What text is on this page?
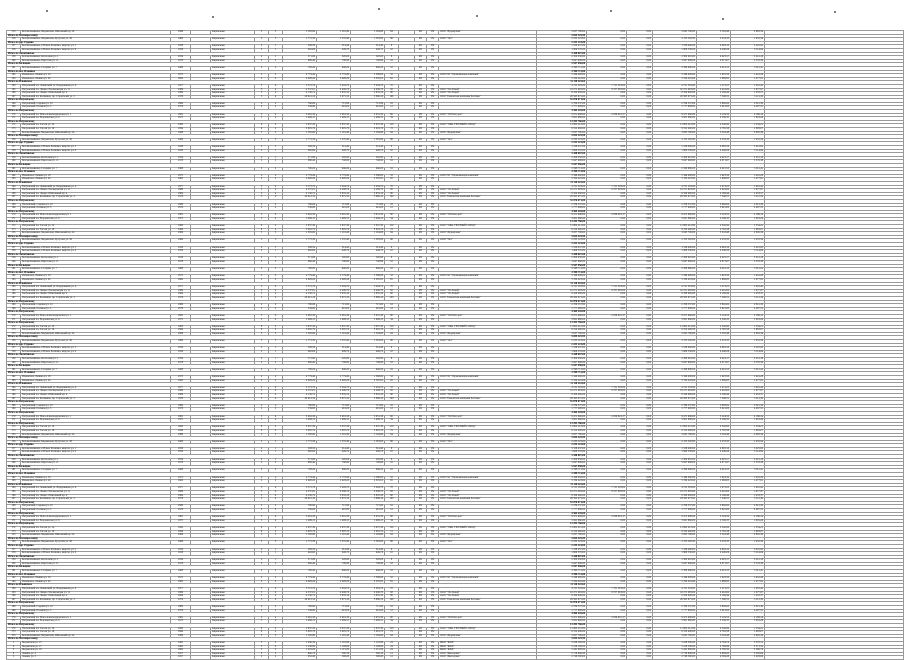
155	Колокольникова, Медынская, Школьный пр. 24	1986		Кирпичные	5	3	1 585,80	1 191,40	1 194,80	64		РО	УК	ООО "Журавушка"	3 037 700,00	0,00	0,00	3 045 790,00	3 343,48	2 802,36	
Итого по Малоярославцу															5 055 325,99						
156	Колокольникова, Медынская, Кутузова ул. 36	1966		Кирпичные	5	3	1 775,30	1 370,40	1 593,00	86		РО	УК	ООО "Уют"	2 233 123,00	0,00	0,00	2 153 520,00	2 253,33	1 455,59	
Итого по дер. Руднево															2 233 123,00						
157	Колокольникова, 2-Новое Болшево, квартал ул. 5	1958		Кирпичные	2	1	508,50	314,40	314,40	8		РО	УК		1 538 437,00	0,00	0,00	1 538 400,00	4 893,10	3 225,93	
158	Колокольникова, 2-Новое Болшево, квартал ул. 6	1958		Кирпичные	2	1	492,60	449,70	449,70	10		РО	УК		1 909 570,00	0,00	0,00	1 909 530,00	4 246,26	3 114,84	
Итого по Лопатинское															3 448 007,00						
159	Колокольникова, Колхозная ул. 1	1956		Кирпичные	2	1	571,80	520,00	520,00	8		РО	УК		2 300 050,00	0,00	0,00	2 300 010,00	4 423,17	3 212,18	
160	Колокольникова, Пирогова ул. 11	1978		Кирпичные	2	2	880,40	748,80	748,80	16		РО	УК		3 647 906,00	0,00	0,00	3 647 906,00	4 871,67	3 576,38	
Итого по Кольцово															5 947 956,00						
161	Колокольникова, Гагарина ул. 7	1968		Кирпичные	2	2	700,20	646,20	646,20	16		РО	УК		2 598 711,00	0,00	0,00	2 598 680,00	4 021,53	3 011,41	
Итого по пос. Ильинка															2 598 711,00						
162	Ильинское, Ленина ул. 18	1975		Кирпичные	2	2	2 779,40	2 779,40	1 388,00	52		РО	УК	ООО УК "Управляющая компания"	5 346 000,00	0,00	0,00	5 346 000,00	1 923,50	1 441,28	
163	Ильинское, Ленина ул. 20	1962		Кирпичные	2	2	2 926,20	2 926,20	2 305,81	65		РО	УК		5 764 222,64	0,00	0,00	5 764 222,64	1 969,85	1 477,91	
Итого по Ильинское															11 110 222,64						
164	Петровский пл. Ленинский ул. Ведерникова ул. 4	1977		Кирпичные	5	4	3 575,70	3 204,70	3 204,70	70		РО	УК		4 721 303,00	7 721 303,00	0,00	4 721 303,00	1 473,25	1 010,42	
165	Петровский пл. Лицея 2 Кольцовская ул. 11	1986		Кирпичные	5	4	4 537,01	4 206,70	4 206,70	82		РО	УК	ООО "УК Лицей"	10 271 093,00	8 707 093,00	0,00	10 271 093,00	2 441,62	1 677,97	
166	Петровский пл. Лицея 3 Школьный пр. 4	1984		Кирпичные	5	4	4 130,72	3 835,10	3 835,10	80		РО	УК	ООО "УК Лицей"	8 320 000,00	0,00	0,00	8 320 000,00	2 169,44	1 453,37	
167	Петровский пл. Калинина, пр. Строителей ул. 3	1976		Кирпичные	5	4	20 612,10	3 975,10	3 886,10	100		РО	УК	ООО "Ремонтная компания Балтика"	28 563 675,00	0,00	0,00	28 563 675,00	7 348,51	5 211,30	
Итого по Петровскому															51 876 071,00						
168	Петровский, Садовая ул. 10	1980		Кирпичные	2	2	780,80	715,80	715,80	16		РО	УК		2 786 337,00	0,00	0,00	2 786 337,00	3 892,62	2 811,30	
169	Петровский, Полевая ул. 5	1979		Кирпичные	2	2	539,80	491,00	491,00	12		РО	УК		1 777 908,00	0,00	0,00	1 777 908,00	3 621,00	2 497,55	
Итого по Петровскому															4 564 245,00						
170	Петровский пл. Ново-Александровская ул. 1	1981		Кирпичные	5	4	3 481,30	3 481,30	3 031,30	80		РО	УК	ООО "УК Наш дом"	9 471 906,00	2 636 601,37	0,00	9 471 906,00	3 124,52	2 186,14	
171	Петровский пл. Ворошилова ул. 8	1975		Кирпичные	5	4	1 499,15	1 499,15	1 499,15	34		РО	УК		3 821 860,00	0,00	0,00	3 821 860,00	2 549,35	1 819,26	
Итого по Петровскому															13 293 766,00						
172	Петровский пл. Гоголя ул. 14	1993		Кирпичные	9	2	5 937,30	5 937,30	5 037,30	110		РО	УК	ООО "УЖК УЮТНЫЙ ГОРОД"	11 802 212,00	0,00	0,00	11 802 212,00	2 342,92	1 554,21	
173	Петровский пл. Гоголя ул. 16	1994		Кирпичные	9	2	3 005,70	3 005,70	3 005,70	72		РО	УК		8 312 400,00	0,00	0,00	8 312 400,00	2 765,58	1 893,07	
155	Колокольникова, Медынская, Школьный пр. 24	1986		Кирпичные	5	3	1 585,80	1 191,40	1 194,80	64		РО	УК	ООО "Журавушка"	3 037 700,00	0,00	0,00	3 045 790,00	3 343,48	2 802,36	
Итого по Малоярославцу															5 055 325,99						
156	Колокольникова, Медынская, Кутузова ул. 36	1966		Кирпичные	5	3	1 775,30	1 370,40	1 593,00	86		РО	УК	ООО "Уют"	2 233 123,00	0,00	0,00	2 153 520,00	2 253,33	1 455,59	
Итого по дер. Руднево															2 233 123,00						
157	Колокольникова, 2-Новое Болшево, квартал ул. 5	1958		Кирпичные	2	1	508,50	314,40	314,40	8		РО	УК		1 538 437,00	0,00	0,00	1 538 400,00	4 893,10	3 225,93	
158	Колокольникова, 2-Новое Болшево, квартал ул. 6	1958		Кирпичные	2	1	492,60	449,70	449,70	10		РО	УК		1 909 570,00	0,00	0,00	1 909 530,00	4 246,26	3 114,84	
Итого по Лопатинское															3 448 007,00						
159	Колокольникова, Колхозная ул. 1	1956		Кирпичные	2	1	571,80	520,00	520,00	8		РО	УК		2 300 050,00	0,00	0,00	2 300 010,00	4 423,17	3 212,18	
160	Колокольникова, Пирогова ул. 11	1978		Кирпичные	2	2	880,40	748,80	748,80	16		РО	УК		3 647 906,00	0,00	0,00	3 647 906,00	4 871,67	3 576,38	
Итого по Кольцово															5 947 956,00						
161	Колокольникова, Гагарина ул. 7	1968		Кирпичные	2	2	700,20	646,20	646,20	16		РО	УК		2 598 711,00	0,00	0,00	2 598 680,00	4 021,53	3 011,41	
Итого по пос. Ильинка															2 598 711,00						
162	Ильинское, Ленина ул. 18	1975		Кирпичные	2	2	2 779,40	2 779,40	1 388,00	52		РО	УК	ООО УК "Управляющая компания"	5 346 000,00	0,00	0,00	5 346 000,00	1 923,50	1 441,28	
163	Ильинское, Ленина ул. 20	1962		Кирпичные	2	2	2 926,20	2 926,20	2 305,81	65		РО	УК		5 764 222,64	0,00	0,00	5 764 222,64	1 969,85	1 477,91	
Итого по Ильинское															11 110 222,64						
164	Петровский пл. Ленинский ул. Ведерникова ул. 4	1977		Кирпичные	5	4	3 575,70	3 204,70	3 204,70	70		РО	УК		4 721 303,00	7 721 303,00	0,00	4 721 303,00	1 473,25	1 010,42	
165	Петровский пл. Лицея 2 Кольцовская ул. 11	1986		Кирпичные	5	4	4 537,01	4 206,70	4 206,70	82		РО	УК	ООО "УК Лицей"	10 271 093,00	8 707 093,00	0,00	10 271 093,00	2 441,62	1 677,97	
166	Петровский пл. Лицея 3 Школьный пр. 4	1984		Кирпичные	5	4	4 130,72	3 835,10	3 835,10	80		РО	УК	ООО "УК Лицей"	8 320 000,00	0,00	0,00	8 320 000,00	2 169,44	1 453,37	
167	Петровский пл. Калинина, пр. Строителей ул. 3	1976		Кирпичные	5	4	20 612,10	3 975,10	3 886,10	100		РО	УК	ООО "Ремонтная компания Балтика"	28 563 675,00	0,00	0,00	28 563 675,00	7 348,51	5 211,30	
Итого по Петровскому															51 876 071,00						
168	Петровский, Садовая ул. 10	1980		Кирпичные	2	2	780,80	715,80	715,80	16		РО	УК		2 786 337,00	0,00	0,00	2 786 337,00	3 892,62	2 811,30	
169	Петровский, Полевая ул. 5	1979		Кирпичные	2	2	539,80	491,00	491,00	12		РО	УК		1 777 908,00	0,00	0,00	1 777 908,00	3 621,00	2 497,55	
Итого по Петровскому															4 564 245,00						
170	Петровский пл. Ново-Александровская ул. 1	1981		Кирпичные	5	4	3 481,30	3 481,30	3 031,30	80		РО	УК	ООО "УК Наш дом"	9 471 906,00	2 636 601,37	0,00	9 471 906,00	3 124,52	2 186,14	
171	Петровский пл. Ворошилова ул. 8	1975		Кирпичные	5	4	1 499,15	1 499,15	1 499,15	34		РО	УК		3 821 860,00	0,00	0,00	3 821 860,00	2 549,35	1 819,26	
Итого по Петровскому															13 293 766,00						
172	Петровский пл. Гоголя ул. 14	1993		Кирпичные	9	2	5 937,30	5 937,30	5 037,30	110		РО	УК	ООО "УЖК УЮТНЫЙ ГОРОД"	11 802 212,00	0,00	0,00	11 802 212,00	2 342,92	1 554,21	
173	Петровский пл. Гоголя ул. 16	1994		Кирпичные	9	2	3 005,70	3 005,70	3 005,70	72		РО	УК		8 312 400,00	0,00	0,00	8 312 400,00	2 765,58	1 893,07	
155	Колокольникова, Медынская, Школьный пр. 24	1986		Кирпичные	5	3	1 585,80	1 191,40	1 194,80	64		РО	УК	ООО "Журавушка"	3 037 700,00	0,00	0,00	3 045 790,00	3 343,48	2 802,36	
Итого по Малоярославцу															5 055 325,99						
156	Колокольникова, Медынская, Кутузова ул. 36	1966		Кирпичные	5	3	1 775,30	1 370,40	1 593,00	86		РО	УК	ООО "Уют"	2 233 123,00	0,00	0,00	2 153 520,00	2 253,33	1 455,59	
Итого по дер. Руднево															2 233 123,00						
157	Колокольникова, 2-Новое Болшево, квартал ул. 5	1958		Кирпичные	2	1	508,50	314,40	314,40	8		РО	УК		1 538 437,00	0,00	0,00	1 538 400,00	4 893,10	3 225,93	
158	Колокольникова, 2-Новое Болшево, квартал ул. 6	1958		Кирпичные	2	1	492,60	449,70	449,70	10		РО	УК		1 909 570,00	0,00	0,00	1 909 530,00	4 246,26	3 114,84	
Итого по Лопатинское															3 448 007,00						
159	Колокольникова, Колхозная ул. 1	1956		Кирпичные	2	1	571,80	520,00	520,00	8		РО	УК		2 300 050,00	0,00	0,00	2 300 010,00	4 423,17	3 212,18	
160	Колокольникова, Пирогова ул. 11	1978		Кирпичные	2	2	880,40	748,80	748,80	16		РО	УК		3 647 906,00	0,00	0,00	3 647 906,00	4 871,67	3 576,38	
Итого по Кольцово															5 947 956,00						
161	Колокольникова, Гагарина ул. 7	1968		Кирпичные	2	2	700,20	646,20	646,20	16		РО	УК		2 598 711,00	0,00	0,00	2 598 680,00	4 021,53	3 011,41	
Итого по пос. Ильинка															2 598 711,00						
162	Ильинское, Ленина ул. 18	1975		Кирпичные	2	2	2 779,40	2 779,40	1 388,00	52		РО	УК	ООО УК "Управляющая компания"	5 346 000,00	0,00	0,00	5 346 000,00	1 923,50	1 441,28	
163	Ильинское, Ленина ул. 20	1962		Кирпичные	2	2	2 926,20	2 926,20	2 305,81	65		РО	УК		5 764 222,64	0,00	0,00	5 764 222,64	1 969,85	1 477,91	
Итого по Ильинское															11 110 222,64						
164	Петровский пл. Ленинский ул. Ведерникова ул. 4	1977		Кирпичные	5	4	3 575,70	3 204,70	3 204,70	70		РО	УК		4 721 303,00	7 721 303,00	0,00	4 721 303,00	1 473,25	1 010,42	
165	Петровский пл. Лицея 2 Кольцовская ул. 11	1986		Кирпичные	5	4	4 537,01	4 206,70	4 206,70	82		РО	УК	ООО "УК Лицей"	10 271 093,00	8 707 093,00	0,00	10 271 093,00	2 441,62	1 677,97	
166	Петровский пл. Лицея 3 Школьный пр. 4	1984		Кирпичные	5	4	4 130,72	3 835,10	3 835,10	80		РО	УК	ООО "УК Лицей"	8 320 000,00	0,00	0,00	8 320 000,00	2 169,44	1 453,37	
167	Петровский пл. Калинина, пр. Строителей ул. 3	1976		Кирпичные	5	4	20 612,10	3 975,10	3 886,10	100		РО	УК	ООО "Ремонтная компания Балтика"	28 563 675,00	0,00	0,00	28 563 675,00	7 348,51	5 211,30	
Итого по Петровскому															51 876 071,00						
168	Петровский, Садовая ул. 10	1980		Кирпичные	2	2	780,80	715,80	715,80	16		РО	УК		2 786 337,00	0,00	0,00	2 786 337,00	3 892,62	2 811,30	
169	Петровский, Полевая ул. 5	1979		Кирпичные	2	2	539,80	491,00	491,00	12		РО	УК		1 777 908,00	0,00	0,00	1 777 908,00	3 621,00	2 497,55	
Итого по Петровскому															4 564 245,00						
170	Петровский пл. Ново-Александровская ул. 1	1981		Кирпичные	5	4	3 481,30	3 481,30	3 031,30	80		РО	УК	ООО "УК Наш дом"	9 471 906,00	2 636 601,37	0,00	9 471 906,00	3 124,52	2 186,14	
171	Петровский пл. Ворошилова ул. 8	1975		Кирпичные	5	4	1 499,15	1 499,15	1 499,15	34		РО	УК		3 821 860,00	0,00	0,00	3 821 860,00	2 549,35	1 819,26	
Итого по Петровскому															13 293 766,00						
172	Петровский пл. Гоголя ул. 14	1993		Кирпичные	9	2	5 937,30	5 937,30	5 037,30	110		РО	УК	ООО "УЖК УЮТНЫЙ ГОРОД"	11 802 212,00	0,00	0,00	11 802 212,00	2 342,92	1 554,21	
173	Петровский пл. Гоголя ул. 16	1994		Кирпичные	9	2	3 005,70	3 005,70	3 005,70	72		РО	УК		8 312 400,00	0,00	0,00	8 312 400,00	2 765,58	1 893,07	
155	Колокольникова, Медынская, Школьный пр. 24	1986		Кирпичные	5	3	1 585,80	1 191,40	1 194,80	64		РО	УК	ООО "Журавушка"	3 037 700,00	0,00	0,00	3 045 790,00	3 343,48	2 802,36	
Итого по Малоярославцу															5 055 325,99						
156	Колокольникова, Медынская, Кутузова ул. 36	1966		Кирпичные	5	3	1 775,30	1 370,40	1 593,00	86		РО	УК	ООО "Уют"	2 233 123,00	0,00	0,00	2 153 520,00	2 253,33	1 455,59	
Итого по дер. Руднево															2 233 123,00						
157	Колокольникова, 2-Новое Болшево, квартал ул. 5	1958		Кирпичные	2	1	508,50	314,40	314,40	8		РО	УК		1 538 437,00	0,00	0,00	1 538 400,00	4 893,10	3 225,93	
158	Колокольникова, 2-Новое Болшево, квартал ул. 6	1958		Кирпичные	2	1	492,60	449,70	449,70	10		РО	УК		1 909 570,00	0,00	0,00	1 909 530,00	4 246,26	3 114,84	
Итого по Лопатинское															3 448 007,00						
159	Колокольникова, Колхозная ул. 1	1956		Кирпичные	2	1	571,80	520,00	520,00	8		РО	УК		2 300 050,00	0,00	0,00	2 300 010,00	4 423,17	3 212,18	
160	Колокольникова, Пирогова ул. 11	1978		Кирпичные	2	2	880,40	748,80	748,80	16		РО	УК		3 647 906,00	0,00	0,00	3 647 906,00	4 871,67	3 576,38	
Итого по Кольцово															5 947 956,00						
161	Колокольникова, Гагарина ул. 7	1968		Кирпичные	2	2	700,20	646,20	646,20	16		РО	УК		2 598 711,00	0,00	0,00	2 598 680,00	4 021,53	3 011,41	
Итого по пос. Ильинка															2 598 711,00						
162	Ильинское, Ленина ул. 18	1975		Кирпичные	2	2	2 779,40	2 779,40	1 388,00	52		РО	УК	ООО УК "Управляющая компания"	5 346 000,00	0,00	0,00	5 346 000,00	1 923,50	1 441,28	
163	Ильинское, Ленина ул. 20	1962		Кирпичные	2	2	2 926,20	2 926,20	2 305,81	65		РО	УК		5 764 222,64	0,00	0,00	5 764 222,64	1 969,85	1 477,91	
Итого по Ильинское															11 110 222,64						
164	Петровский пл. Ленинский ул. Ведерникова ул. 4	1977		Кирпичные	5	4	3 575,70	3 204,70	3 204,70	70		РО	УК		4 721 303,00	7 721 303,00	0,00	4 721 303,00	1 473,25	1 010,42	
165	Петровский пл. Лицея 2 Кольцовская ул. 11	1986		Кирпичные	5	4	4 537,01	4 206,70	4 206,70	82		РО	УК	ООО "УК Лицей"	10 271 093,00	8 707 093,00	0,00	10 271 093,00	2 441,62	1 677,97	
166	Петровский пл. Лицея 3 Школьный пр. 4	1984		Кирпичные	5	4	4 130,72	3 835,10	3 835,10	80		РО	УК	ООО "УК Лицей"	8 320 000,00	0,00	0,00	8 320 000,00	2 169,44	1 453,37	
167	Петровский пл. Калинина, пр. Строителей ул. 3	1976		Кирпичные	5	4	20 612,10	3 975,10	3 886,10	100		РО	УК	ООО "Ремонтная компания Балтика"	28 563 675,00	0,00	0,00	28 563 675,00	7 348,51	5 211,30	
Итого по Петровскому															51 876 071,00						
168	Петровский, Садовая ул. 10	1980		Кирпичные	2	2	780,80	715,80	715,80	16		РО	УК		2 786 337,00	0,00	0,00	2 786 337,00	3 892,62	2 811,30	
169	Петровский, Полевая ул. 5	1979		Кирпичные	2	2	539,80	491,00	491,00	12		РО	УК		1 777 908,00	0,00	0,00	1 777 908,00	3 621,00	2 497,55	
Итого по Петровскому															4 564 245,00						
170	Петровский пл. Ново-Александровская ул. 1	1981		Кирпичные	5	4	3 481,30	3 481,30	3 031,30	80		РО	УК	ООО "УК Наш дом"	9 471 906,00	2 636 601,37	0,00	9 471 906,00	3 124,52	2 186,14	
171	Петровский пл. Ворошилова ул. 8	1975		Кирпичные	5	4	1 499,15	1 499,15	1 499,15	34		РО	УК		3 821 860,00	0,00	0,00	3 821 860,00	2 549,35	1 819,26	
Итого по Петровскому															13 293 766,00						
172	Петровский пл. Гоголя ул. 14	1993		Кирпичные	9	2	5 937,30	5 937,30	5 037,30	110		РО	УК	ООО "УЖК УЮТНЫЙ ГОРОД"	11 802 212,00	0,00	0,00	11 802 212,00	2 342,92	1 554,21	
173	Петровский пл. Гоголя ул. 16	1994		Кирпичные	9	2	3 005,70	3 005,70	3 005,70	72		РО	УК		8 312 400,00	0,00	0,00	8 312 400,00	2 765,58	1 893,07	
155	Колокольникова, Медынская, Школьный пр. 24	1986		Кирпичные	5	3	1 585,80	1 191,40	1 194,80	64		РО	УК	ООО "Журавушка"	3 037 700,00	0,00	0,00	3 045 790,00	3 343,48	2 802,36	
Итого по Малоярославцу															5 055 325,99						
156	Колокольникова, Медынская, Кутузова ул. 36	1966		Кирпичные	5	3	1 775,30	1 370,40	1 593,00	86		РО	УК	ООО "Уют"	2 233 123,00	0,00	0,00	2 153 520,00	2 253,33	1 455,59	
Итого по дер. Руднево															2 233 123,00						
157	Колокольникова, 2-Новое Болшево, квартал ул. 5	1958		Кирпичные	2	1	508,50	314,40	314,40	8		РО	УК		1 538 437,00	0,00	0,00	1 538 400,00	4 893,10	3 225,93	
158	Колокольникова, 2-Новое Болшево, квартал ул. 6	1958		Кирпичные	2	1	492,60	449,70	449,70	10		РО	УК		1 909 570,00	0,00	0,00	1 909 530,00	4 246,26	3 114,84	
Итого по Лопатинское															3 448 007,00						
159	Колокольникова, Колхозная ул. 1	1956		Кирпичные	2	1	571,80	520,00	520,00	8		РО	УК		2 300 050,00	0,00	0,00	2 300 010,00	4 423,17	3 212,18	
160	Колокольникова, Пирогова ул. 11	1978		Кирпичные	2	2	880,40	748,80	748,80	16		РО	УК		3 647 906,00	0,00	0,00	3 647 906,00	4 871,67	3 576,38	
Итого по Кольцово															5 947 956,00						
161	Колокольникова, Гагарина ул. 7	1968		Кирпичные	2	2	700,20	646,20	646,20	16		РО	УК		2 598 711,00	0,00	0,00	2 598 680,00	4 021,53	3 011,41	
Итого по пос. Ильинка															2 598 711,00						
162	Ильинское, Ленина ул. 18	1975		Кирпичные	2	2	2 779,40	2 779,40	1 388,00	52		РО	УК	ООО УК "Управляющая компания"	5 346 000,00	0,00	0,00	5 346 000,00	1 923,50	1 441,28	
163	Ильинское, Ленина ул. 20	1962		Кирпичные	2	2	2 926,20	2 926,20	2 305,81	65		РО	УК		5 764 222,64	0,00	0,00	5 764 222,64	1 969,85	1 477,91	
Итого по Ильинское															11 110 222,64						
164	Петровский пл. Ленинский ул. Ведерникова ул. 4	1977		Кирпичные	5	4	3 575,70	3 204,70	3 204,70	70		РО	УК		4 721 303,00	7 721 303,00	0,00	4 721 303,00	1 473,25	1 010,42	
165	Петровский пл. Лицея 2 Кольцовская ул. 11	1986		Кирпичные	5	4	4 537,01	4 206,70	4 206,70	82		РО	УК	ООО "УК Лицей"	10 271 093,00	8 707 093,00	0,00	10 271 093,00	2 441,62	1 677,97	
166	Петровский пл. Лицея 3 Школьный пр. 4	1984		Кирпичные	5	4	4 130,72	3 835,10	3 835,10	80		РО	УК	ООО "УК Лицей"	8 320 000,00	0,00	0,00	8 320 000,00	2 169,44	1 453,37	
167	Петровский пл. Калинина, пр. Строителей ул. 3	1976		Кирпичные	5	4	20 612,10	3 975,10	3 886,10	100		РО	УК	ООО "Ремонтная компания Балтика"	28 563 675,00	0,00	0,00	28 563 675,00	7 348,51	5 211,30	
Итого по Петровскому															51 876 071,00						
168	Петровский, Садовая ул. 10	1980		Кирпичные	2	2	780,80	715,80	715,80	16		РО	УК		2 786 337,00	0,00	0,00	2 786 337,00	3 892,62	2 811,30	
169	Петровский, Полевая ул. 5	1979		Кирпичные	2	2	539,80	491,00	491,00	12		РО	УК		1 777 908,00	0,00	0,00	1 777 908,00	3 621,00	2 497,55	
Итого по Петровскому															4 564 245,00						
170	Петровский пл. Ново-Александровская ул. 1	1981		Кирпичные	5	4	3 481,30	3 481,30	3 031,30	80		РО	УК	ООО "УК Наш дом"	9 471 906,00	2 636 601,37	0,00	9 471 906,00	3 124,52	2 186,14	
171	Петровский пл. Ворошилова ул. 8	1975		Кирпичные	5	4	1 499,15	1 499,15	1 499,15	34		РО	УК		3 821 860,00	0,00	0,00	3 821 860,00	2 549,35	1 819,26	
Итого по Петровскому															13 293 766,00						
172	Петровский пл. Гоголя ул. 14	1993		Кирпичные	9	2	5 937,30	5 937,30	5 037,30	110		РО	УК	ООО "УЖК УЮТНЫЙ ГОРОД"	11 802 212,00	0,00	0,00	11 802 212,00	2 342,92	1 554,21	
173	Петровский пл. Гоголя ул. 16	1994		Кирпичные	9	2	3 005,70	3 005,70	3 005,70	72		РО	УК		8 312 400,00	0,00	0,00	8 312 400,00	2 765,58	1 893,07	
155	Колокольникова, Медынская, Школьный пр. 24	1986		Кирпичные	5	3	1 585,80	1 191,40	1 194,80	64		РО	УК	ООО "Журавушка"	3 037 700,00	0,00	0,00	3 045 790,00	3 343,48	2 802,36	
Итого по Малоярославцу															5 055 325,99						
156	Колокольникова, Медынская, Кутузова ул. 36	1966		Кирпичные	5	3	1 775,30	1 370,40	1 593,00	86		РО	УК	ООО "Уют"	2 233 123,00	0,00	0,00	2 153 520,00	2 253,33	1 455,59	
Итого по дер. Руднево															2 233 123,00						
157	Колокольникова, 2-Новое Болшево, квартал ул. 5	1958		Кирпичные	2	1	508,50	314,40	314,40	8		РО	УК		1 538 437,00	0,00	0,00	1 538 400,00	4 893,10	3 225,93	
158	Колокольникова, 2-Новое Болшево, квартал ул. 6	1958		Кирпичные	2	1	492,60	449,70	449,70	10		РО	УК		1 909 570,00	0,00	0,00	1 909 530,00	4 246,26	3 114,84	
Итого по Лопатинское															3 448 007,00						
159	Колокольникова, Колхозная ул. 1	1956		Кирпичные	2	1	571,80	520,00	520,00	8		РО	УК		2 300 050,00	0,00	0,00	2 300 010,00	4 423,17	3 212,18	
160	Колокольникова, Пирогова ул. 11	1978		Кирпичные	2	2	880,40	748,80	748,80	16		РО	УК		3 647 906,00	0,00	0,00	3 647 906,00	4 871,67	3 576,38	
Итого по Кольцово															5 947 956,00						
161	Колокольникова, Гагарина ул. 7	1968		Кирпичные	2	2	700,20	646,20	646,20	16		РО	УК		2 598 711,00	0,00	0,00	2 598 680,00	4 021,53	3 011,41	
Итого по пос. Ильинка															2 598 711,00						
162	Ильинское, Ленина ул. 18	1975		Кирпичные	2	2	2 779,40	2 779,40	1 388,00	52		РО	УК	ООО УК "Управляющая компания"	5 346 000,00	0,00	0,00	5 346 000,00	1 923,50	1 441,28	
163	Ильинское, Ленина ул. 20	1962		Кирпичные	2	2	2 926,20	2 926,20	2 305,81	65		РО	УК		5 764 222,64	0,00	0,00	5 764 222,64	1 969,85	1 477,91	
Итого по Ильинское															11 110 222,64						
164	Петровский пл. Ленинский ул. Ведерникова ул. 4	1977		Кирпичные	5	4	3 575,70	3 204,70	3 204,70	70		РО	УК		4 721 303,00	7 721 303,00	0,00	4 721 303,00	1 473,25	1 010,42	
165	Петровский пл. Лицея 2 Кольцовская ул. 11	1986		Кирпичные	5	4	4 537,01	4 206,70	4 206,70	82		РО	УК	ООО "УК Лицей"	10 271 093,00	8 707 093,00	0,00	10 271 093,00	2 441,62	1 677,97	
166	Петровский пл. Лицея 3 Школьный пр. 4	1984		Кирпичные	5	4	4 130,72	3 835,10	3 835,10	80		РО	УК	ООО "УК Лицей"	8 320 000,00	0,00	0,00	8 320 000,00	2 169,44	1 453,37	
167	Петровский пл. Калинина, пр. Строителей ул. 3	1976		Кирпичные	5	4	20 612,10	3 975,10	3 886,10	100		РО	УК	ООО "Ремонтная компания Балтика"	28 563 675,00	0,00	0,00	28 563 675,00	7 348,51	5 211,30	
Итого по Петровскому															51 876 071,00						
168	Петровский, Садовая ул. 10	1980		Кирпичные	2	2	780,80	715,80	715,80	16		РО	УК		2 786 337,00	0,00	0,00	2 786 337,00	3 892,62	2 811,30	
169	Петровский, Полевая ул. 5	1979		Кирпичные	2	2	539,80	491,00	491,00	12		РО	УК		1 777 908,00	0,00	0,00	1 777 908,00	3 621,00	2 497,55	
Итого по Петровскому															4 564 245,00						
170	Петровский пл. Ново-Александровская ул. 1	1981		Кирпичные	5	4	3 481,30	3 481,30	3 031,30	80		РО	УК	ООО "УК Наш дом"	9 471 906,00	2 636 601,37	0,00	9 471 906,00	3 124,52	2 186,14	
171	Петровский пл. Ворошилова ул. 8	1975		Кирпичные	5	4	1 499,15	1 499,15	1 499,15	34		РО	УК		3 821 860,00	0,00	0,00	3 821 860,00	2 549,35	1 819,26	
Итого по Петровскому															13 293 766,00						
172	Петровский пл. Гоголя ул. 14	1993		Кирпичные	9	2	5 937,30	5 937,30	5 037,30	110		РО	УК	ООО "УЖК УЮТНЫЙ ГОРОД"	11 802 212,00	0,00	0,00	11 802 212,00	2 342,92	1 554,21	
173	Петровский пл. Гоголя ул. 16	1994		Кирпичные	9	2	3 005,70	3 005,70	3 005,70	72		РО	УК		8 312 400,00	0,00	0,00	8 312 400,00	2 765,58	1 893,07	
155	Колокольникова, Медынская, Школьный пр. 24	1986		Кирпичные	5	3	1 585,80	1 191,40	1 194,80	64		РО	УК	ООО "Журавушка"	3 037 700,00	0,00	0,00	3 045 790,00	3 343,48	2 802,36	
Итого по Малоярославцу															5 055 325,99						
1	Медынская ул. 15	1961		Кирпичные	3	2	1 240,30	1 110,90	1 110,90	24		РО	УК	МКП "ЖКХ"	5 226 500,00	0,00	0,00	5 226 500,00	4 704,74	3 370,12	
2	Медынская ул. 17	1962		Кирпичные	3	2	1 238,80	1 108,80	1 108,80	24		РО	УК	МКП "ЖКХ"	5 219 100,00	0,00	0,00	5 219 100,00	4 706,98	3 371,32	
3	Медынская ул. 19	1962		Кирпичные	3	2	1 245,20	1 115,20	1 115,20	24		РО	УК	МКП "ЖКХ"	5 241 800,00	0,00	0,00	5 241 800,00	4 700,32	3 366,78	
4	Ленина ул. 3	1957		Кирпичные	2	2	640,70	590,10	590,10	12		РО	УК	ООО "Жилсервис"	2 719 800,00	0,00	0,00	2 719 800,00	4 609,05	3 302,66	
5	Ленина ул. 5	1957		Кирпичные	2	2	652,40	598,20	598,20	12		РО	УК	ООО "Жилсервис"	2 748 300,00	0,00	0,00	2 748 300,00	4 594,28	3 293,06	
